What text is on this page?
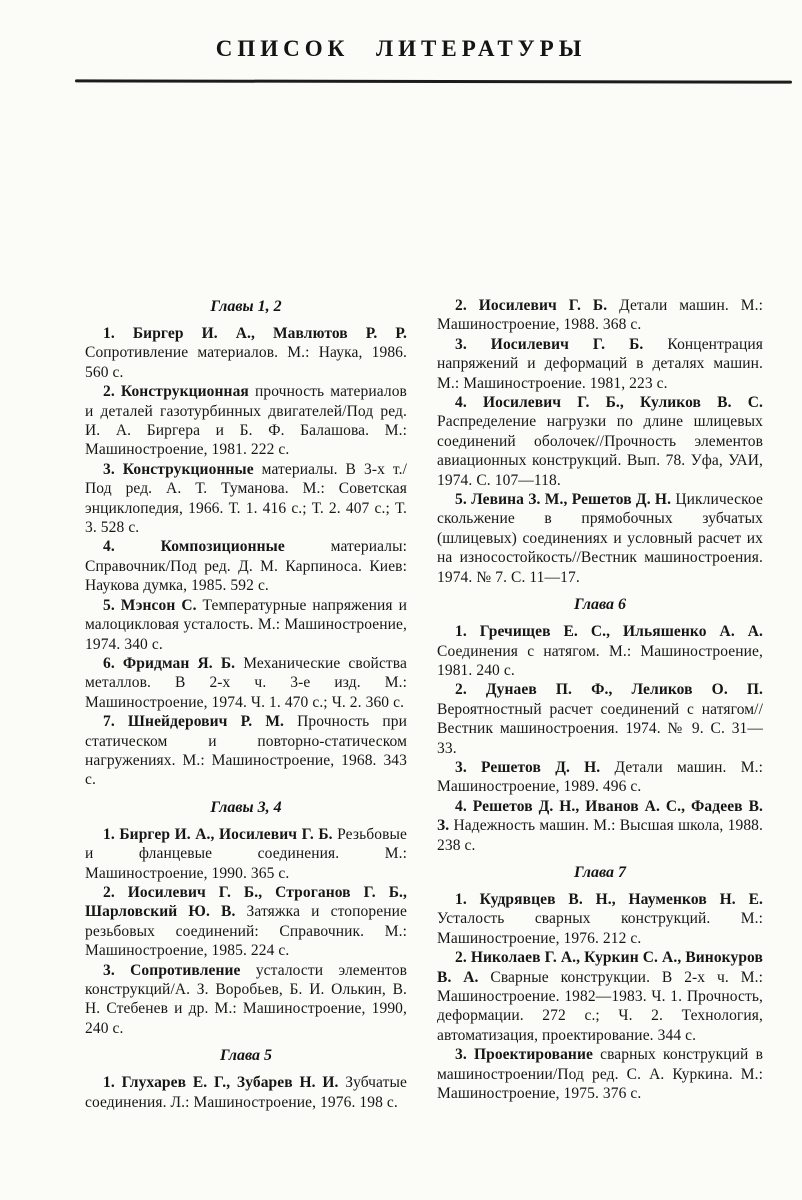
СПИСОК ЛИТЕРАТУРЫ
Главы 1, 2

1. Биргер И. А., Мавлютов Р. Р. Сопротивление материалов. М.: Наука, 1986. 560 с.

2. Конструкционная прочность материалов и деталей газотурбинных двигателей/Под ред. И. А. Биргера и Б. Ф. Балашова. М.: Машиностроение, 1981. 222 с.

3. Конструкционные материалы. В 3-х т./Под ред. А. Т. Туманова. М.: Советская энциклопедия, 1966. Т. 1. 416 с.; Т. 2. 407 с.; Т. 3. 528 с.

4. Композиционные материалы: Справочник/Под ред. Д. М. Карпиноса. Киев: Наукова думка, 1985. 592 с.

5. Мэнсон С. Температурные напряжения и малоцикловая усталость. М.: Машиностроение, 1974. 340 с.

6. Фридман Я. Б. Механические свойства металлов. В 2-х ч. 3-е изд. М.: Машиностроение, 1974. Ч. 1. 470 с.; Ч. 2. 360 с.

7. Шнейдерович Р. М. Прочность при статическом и повторно-статическом нагружениях. М.: Машиностроение, 1968. 343 с.

Главы 3, 4

1. Биргер И. А., Иосилевич Г. Б. Резьбовые и фланцевые соединения. М.: Машиностроение, 1990. 365 с.

2. Иосилевич Г. Б., Строганов Г. Б., Шарловский Ю. В. Затяжка и стопорение резьбовых соединений: Справочник. М.: Машиностроение, 1985. 224 с.

3. Сопротивление усталости элементов конструкций/А. З. Воробьев, Б. И. Олькин, В. Н. Стебенев и др. М.: Машиностроение, 1990, 240 с.

Глава 5

1. Глухарев Е. Г., Зубарев Н. И. Зубчатые соединения. Л.: Машиностроение, 1976. 198 с.

2. Иосилевич Г. Б. Детали машин. М.: Машиностроение, 1988. 368 с.

3. Иосилевич Г. Б. Концентрация напряжений и деформаций в деталях машин. М.: Машиностроение. 1981, 223 с.

4. Иосилевич Г. Б., Куликов В. С. Распределение нагрузки по длине шлицевых соединений оболочек//Прочность элементов авиационных конструкций. Вып. 78. Уфа, УАИ, 1974. С. 107—118.

5. Левина З. М., Решетов Д. Н. Циклическое скольжение в прямобочных зубчатых (шлицевых) соединениях и условный расчет их на износостойкость//Вестник машиностроения. 1974. № 7. С. 11—17.

Глава 6

1. Гречищев Е. С., Ильяшенко А. А. Соединения с натягом. М.: Машиностроение, 1981. 240 с.

2. Дунаев П. Ф., Леликов О. П. Вероятностный расчет соединений с натягом//Вестник машиностроения. 1974. № 9. С. 31—33.

3. Решетов Д. Н. Детали машин. М.: Машиностроение, 1989. 496 с.

4. Решетов Д. Н., Иванов А. С., Фадеев В. З. Надежность машин. М.: Высшая школа, 1988. 238 с.

Глава 7

1. Кудрявцев В. Н., Науменков Н. Е. Усталость сварных конструкций. М.: Машиностроение, 1976. 212 с.

2. Николаев Г. А., Куркин С. А., Винокуров В. А. Сварные конструкции. В 2-х ч. М.: Машиностроение. 1982—1983. Ч. 1. Прочность, деформации. 272 с.; Ч. 2. Технология, автоматизация, проектирование. 344 с.

3. Проектирование сварных конструкций в машиностроении/Под ред. С. А. Куркина. М.: Машиностроение, 1975. 376 с.
